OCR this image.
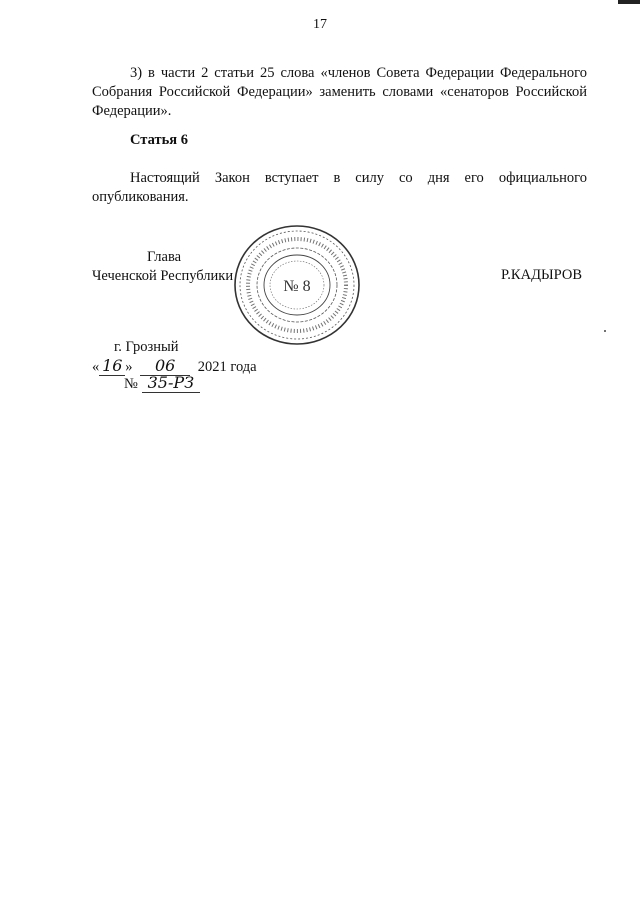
17
3) в части 2 статьи 25 слова «членов Совета Федерации Федерального Собрания Российской Федерации» заменить словами «сенаторов Российской Федерации».
Статья 6
Настоящий Закон вступает в силу со дня его официального опубликования.
Глава
Чеченской Республики
№ 8
Р.КАДЫРОВ
г. Грозный
« 16 » 06 2021 года
№ 35-РЗ
